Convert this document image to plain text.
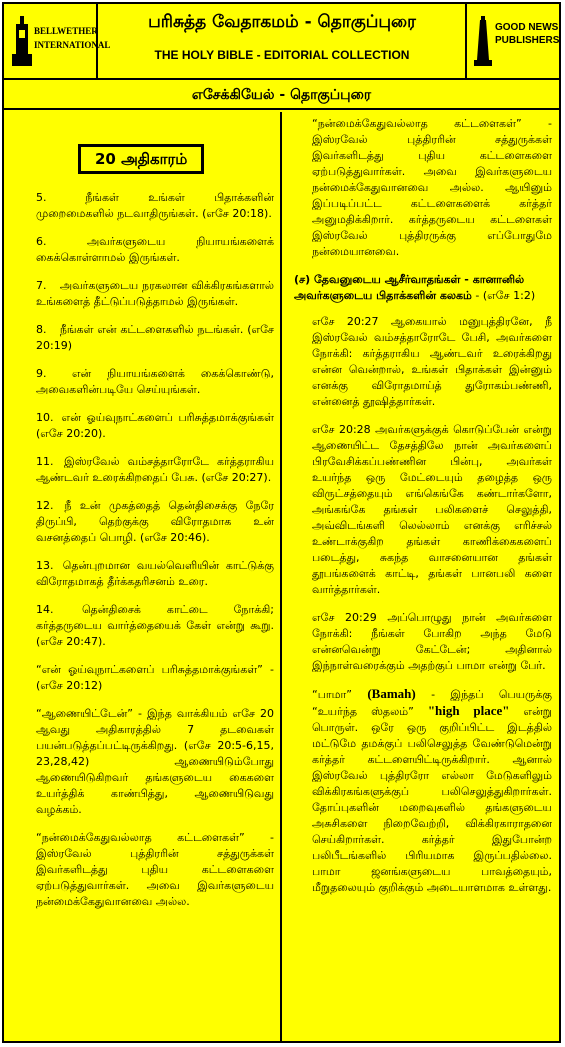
BELLWETHER INTERNATIONAL
பரிசுத்த வேதாகமம் - தொகுப்புரை
THE HOLY BIBLE - EDITORIAL COLLECTION
GOOD NEWS PUBLISHERS
எசேக்கியேல் - தொகுப்புரை
20 அதிகாரம்
5.	நீங்கள் உங்கள் பிதாக்களின் முறைமைகளில் நடவாதிருங்கள். (எசே 20:18).
6.	அவர்களுடைய நியாயங்களைக் கைக்கொள்ளாமல் இருங்கள்.
7. அவர்களுடைய நரகலான விக்கிரகங்களால் உங்களைத் தீட்டுப்படுத்தாமல் இருங்கள்.
8. நீங்கள் என் கட்டளைகளில் நடங்கள். (எசே 20:19)
9. என் நியாயங்களைக் கைக்கொண்டு, அவைகளின்படியே செய்யுங்கள்.
10. என் ஓய்வுநாட்களைப் பரிசுத்தமாக்குங்கள் (எசே 20:20).
11. இஸ்ரவேல் வம்சத்தாரோடே கர்த்தராகிய ஆண்டவர் உரைக்கிறதைப் பேசு. (எசே 20:27).
12. நீ உன் முகத்தைத் தென்திசைக்கு நேரே திருப்பி, தெற்குக்கு விரோதமாக உன் வசனத்தைப் பொழி. (எசே 20:46).
13. தென்புறமான வயல்வெளியின் காட்டுக்கு விரோதமாகத் தீர்க்கதரிசனம் உரை.
14.	தென்திசைக் காட்டை நோக்கி; கர்த்தருடைய வார்த்தையைக் கேள் என்று கூறு. (எசே 20:47).
“என் ஓய்வுநாட்களைப் பரிசுத்தமாக்குங்கள்” - (எசே 20:12)
“ஆணையிட்டேன்” - இந்த வாக்கியம் எசே 20 ஆவது அதிகாரத்தில் 7 தடவைகள் பயன்படுத்தப்பட்டிருக்கிறது. (எசே 20:5-6,15, 23,28,42) ஆணையிடும்போது ஆணையிடுகிறவர் தங்களுடைய கைகளை உயர்த்திக் காண்பித்து, ஆணையிடுவது வழக்கம்.
“நன்மைக்கேதுவல்லாத கட்டளைகள்” - இஸ்ரவேல் புத்திரரின் சத்துருக்கள் இவர்களிடத்து புதிய கட்டளைகளை ஏற்படுத்துவார்கள். அவை இவர்களுடைய நன்மைக்கேதுவானவை அல்ல.
“நன்மைக்கேதுவல்லாத கட்டளைகள்” - இஸ்ரவேல் புத்திரரின் சத்துருக்கள் இவர்களிடத்து புதிய கட்டளைகளை ஏற்படுத்துவார்கள். அவை இவர்களுடைய நன்மைக்கேதுவானவை அல்ல. ஆயினும் இப்படிப்பட்ட கட்டளைகளைக் கர்த்தர் அனுமதிக்கிறார். கர்த்தருடைய கட்டளைகள் இஸ்ரவேல் புத்திரருக்கு எப்போதுமே நன்மையானவை.
(ச) தேவனுடைய ஆசீர்வாதங்கள் - கானானில் அவர்களுடைய பிதாக்களின் கலகம் - (எசே 1:2)
எசே 20:27 ஆகையால் மனுபுத்திரனே, நீ இஸ்ரவேல் வம்சத்தாரோடே பேசி, அவர்களை நோக்கி: கர்த்தராகிய ஆண்டவர் உரைக்கிறது என்ன வென்றால், உங்கள் பிதாக்கள் இன்னும் எனக்கு விரோதமாய்த் துரோகம்பண்ணி, என்னைத் தூஷித்தார்கள்.
எசே 20:28 அவர்களுக்குக் கொடுப்பேன் என்று ஆணையிட்ட தேசத்திலே நான் அவர்களைப் பிரவேசிக்கப்பண்ணின பின்பு, அவர்கள் உயர்ந்த ஒரு மேட்டையும் தழைத்த ஒரு விருட்சத்தையும் எங்கெங்கே கண்டார்களோ, அங்கங்கே தங்கள் பலிகளைச் செலுத்தி, அவ்விடங்களி லெல்லாம் எனக்கு எரிச்சல் உண்டாக்குகிற தங்கள் காணிக்கைகளைப் படைத்து, சுகந்த வாசனையான தங்கள் தூபங்களைக் காட்டி, தங்கள் பானபலி களை வார்த்தார்கள்.
எசே 20:29 அப்பொழுது நான் அவர்களை நோக்கி: நீங்கள் போகிற அந்த மேடு என்னவென்று கேட்டேன்; அதினால் இந்நாள்வரைக்கும் அதற்குப் பாமா என்று பேர்.
“பாமா” (Bamah) - இந்தப் பெயருக்கு “உயர்ந்த ஸ்தலம்” "high place" என்று பொருள். ஒரே ஒரு குறிப்பிட்ட இடத்தில் மட்டுமே தமக்குப் பலிசெலுத்த வேண்டுமென்று கர்த்தர் கட்டளையிட்டிருக்கிறார். ஆனால் இஸ்ரவேல் புத்திரரோ எல்லா மேடுகளிலும் விக்கிரகங்களுக்குப் பலிசெலுத்துகிறார்கள். தோப்புகளின் மறைவுகளில் தங்களுடைய அசுசிகளை நிறைவேற்றி, விக்கிரகாராதனை செய்கிறார்கள். கர்த்தர் இதுபோன்ற பலிபீடங்களில் பிரியமாக இருப்பதில்லை. பாமா ஜனங்களுடைய பாவத்தையும், மீறுதலையும் குறிக்கும் அடையாளமாக உள்ளது.
